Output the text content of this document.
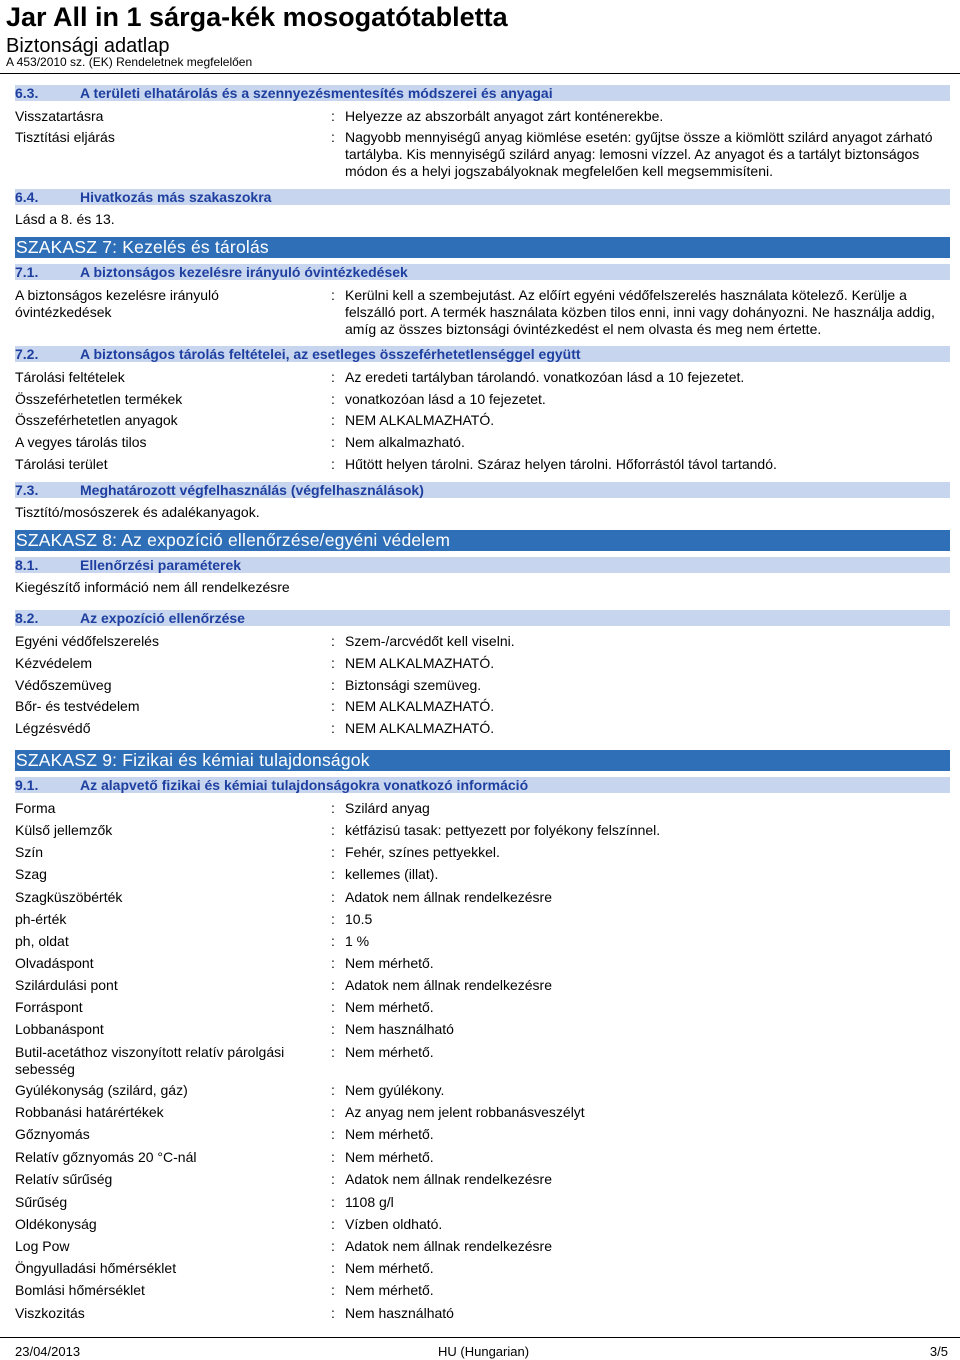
Jar All in 1 sárga-kék mosogatótabletta
Biztonsági adatlap
A 453/2010 sz. (EK) Rendeletnek megfelelően
6.3.	A területi elhatárolás és a szennyezésmentesítés módszerei és anyagai
Visszatartásra	: Helyezze az abszorbált anyagot zárt konténerekbe.
Tisztítási eljárás	: Nagyobb mennyiségű anyag kiömlése esetén: gyűjtse össze a kiömlött szilárd anyagot zárható
tartályba. Kis mennyiségű szilárd anyag: lemosni vízzel. Az anyagot és a tartályt biztonságos
módon és a helyi jogszabályoknak megfelelően kell megsemmisíteni.
6.4.	Hivatkozás más szakaszokra
Lásd a 8. és 13.
SZAKASZ 7: Kezelés és tárolás
7.1.	A biztonságos kezelésre irányuló óvintézkedések
A biztonságos kezelésre irányuló
óvintézkedések
: Kerülni kell a szembejutást. Az előírt egyéni védőfelszerelés használata kötelező. Kerülje a
felszálló port. A termék használata közben tilos enni, inni vagy dohányozni. Ne használja addig,
amíg az összes biztonsági óvintézkedést el nem olvasta és meg nem értette.
7.2.	A biztonságos tárolás feltételei, az esetleges összeférhetetlenséggel együtt
Tárolási feltételek	: Az eredeti tartályban tárolandó. vonatkozóan lásd a 10 fejezetet.
Összeférhetetlen termékek	: vonatkozóan lásd a 10 fejezetet.
Összeférhetetlen anyagok	: NEM ALKALMAZHATÓ.
A vegyes tárolás tilos	: Nem alkalmazható.
Tárolási terület	: Hűtött helyen tárolni. Száraz helyen tárolni. Hőforrástól távol tartandó.
7.3.	Meghatározott végfelhasználás (végfelhasználások)
Tisztító/mosószerek és adalékanyagok.
SZAKASZ 8: Az expozíció ellenőrzése/egyéni védelem
8.1.	Ellenőrzési paraméterek
Kiegészítő információ nem áll rendelkezésre
8.2.	Az expozíció ellenőrzése
Egyéni védőfelszerelés	: Szem-/arcvédőt kell viselni.
Kézvédelem	: NEM ALKALMAZHATÓ.
Védőszemüveg	: Biztonsági szemüveg.
Bőr- és testvédelem	: NEM ALKALMAZHATÓ.
Légzésvédő	: NEM ALKALMAZHATÓ.
SZAKASZ 9: Fizikai és kémiai tulajdonságok
9.1.	Az alapvető fizikai és kémiai tulajdonságokra vonatkozó információ
Forma	: Szilárd anyag
Külső jellemzők	: kétfázisú tasak: pettyezett por folyékony felszínnel.
Szín	: Fehér, színes pettyekkel.
Szag	: kellemes (illat).
Szagküszöbérték	: Adatok nem állnak rendelkezésre
ph-érték	: 10.5
ph, oldat	: 1 %
Olvadáspont	: Nem mérhető.
Szilárdulási pont	: Adatok nem állnak rendelkezésre
Forráspont	: Nem mérhető.
Lobbanáspont	: Nem használható
Butil-acetáthoz viszonyított relatív párolgási
sebesség
: Nem mérhető.
Gyúlékonyság (szilárd, gáz)	: Nem gyúlékony.
Robbanási határértékek	: Az anyag nem jelent robbanásveszélyt
Gőznyomás	: Nem mérhető.
Relatív gőznyomás 20 °C-nál	: Nem mérhető.
Relatív sűrűség	: Adatok nem állnak rendelkezésre
Sűrűség	: 1108 g/l
Oldékonyság	: Vízben oldható.
Log Pow	: Adatok nem állnak rendelkezésre
Öngyulladási hőmérséklet	: Nem mérhető.
Bomlási hőmérséklet	: Nem mérhető.
Viszkozitás	: Nem használható
23/04/2013	HU (Hungarian)	3/5
